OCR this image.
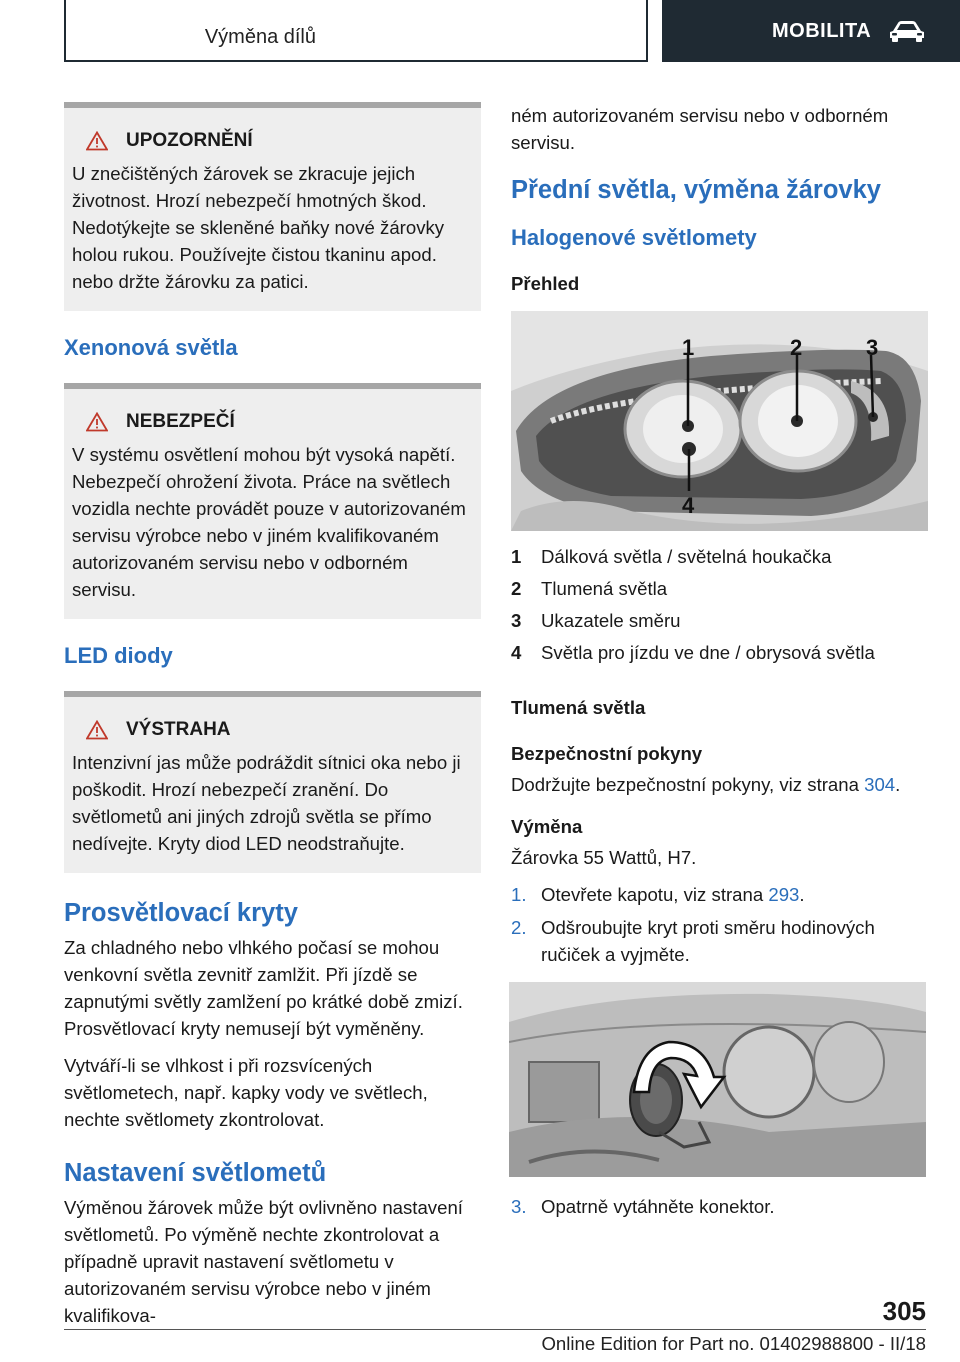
Výměna dílů	MOBILITA
UPOZORNĚNÍ
U znečištěných žárovek se zkracuje jejich životnost. Hrozí nebezpečí hmotných škod. Nedotýkejte se skleněné baňky nové žárovky holou rukou. Používejte čistou tkaninu apod. nebo držte žárovku za patici.
Xenonová světla
NEBEZPEČÍ
V systému osvětlení mohou být vysoká napětí. Nebezpečí ohrožení života. Práce na světlech vozidla nechte provádět pouze v autorizovaném servisu výrobce nebo v jiném kvalifikovaném autorizovaném servisu nebo v odborném servisu.
LED diody
VÝSTRAHA
Intenzivní jas může podráždit sítnici oka nebo ji poškodit. Hrozí nebezpečí zranění. Do světlometů ani jiných zdrojů světla se přímo nedívejte. Kryty diod LED neodstraňujte.
Prosvětlovací kryty

Za chladného nebo vlhkého počasí se mohou venkovní světla zevnitř zamlžit. Při jízdě se zapnutými světly zamlžení po krátké době zmizí. Prosvětlovací kryty nemusejí být vyměněny.

Vytváří-li se vlhkost i při rozsvícených světlometech, např. kapky vody ve světlech, nechte světlomety zkontrolovat.

Nastavení světlometů

Výměnou žárovek může být ovlivněno nastavení světlometů. Po výměně nechte zkontrolovat a případně upravit nastavení světlometu v autorizovaném servisu výrobce nebo v jiném kvalifikova-

ném autorizovaném servisu nebo v odborném servisu.

Přední světla, výměna žárovky
Halogenové světlomety
Přehled
1	2	3
4
1	Dálková světla / světelná houkačka
2	Tlumená světla
3	Ukazatele směru
4	Světla pro jízdu ve dne / obrysová světla
Tlumená světla
Bezpečnostní pokyny

Dodržujte bezpečnostní pokyny, viz strana 304.

Výměna

Žárovka 55 Wattů, H7.

1. Otevřete kapotu, viz strana 293.
2. Odšroubujte kryt proti směru hodinových ručiček a vyjměte.
3. Opatrně vytáhněte konektor.
305
Online Edition for Part no. 01402988800 - II/18
